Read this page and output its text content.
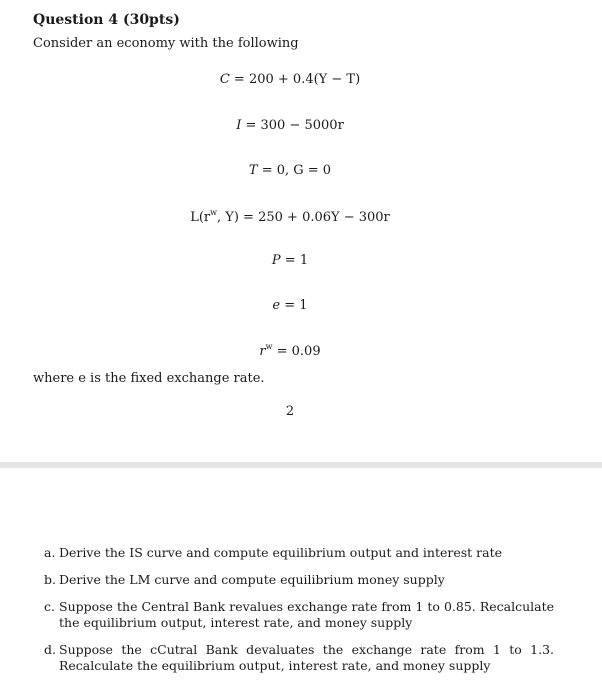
Question 4 (30pts)

Consider an economy with the following

C = 200 + 0.4(Y − T)
I = 300 − 5000r
T = 0, G = 0
$L(r^w$, Y) = 250 + 0.06Y − 300r
P = 1
e = 1
$r^w = 0.09$

where e is the fixed exchange rate.

2
a. Derive the IS curve and compute equilibrium output and interest rate
b. Derive the LM curve and compute equilibrium money supply
c. Suppose the Central Bank revalues exchange rate from 1 to 0.85. Recalculate the equilibrium output, interest rate, and money supply
d. Suppose the cCutral Bank devaluates the exchange rate from 1 to 1.3. Recalculate the equilibrium output, interest rate, and money supply
